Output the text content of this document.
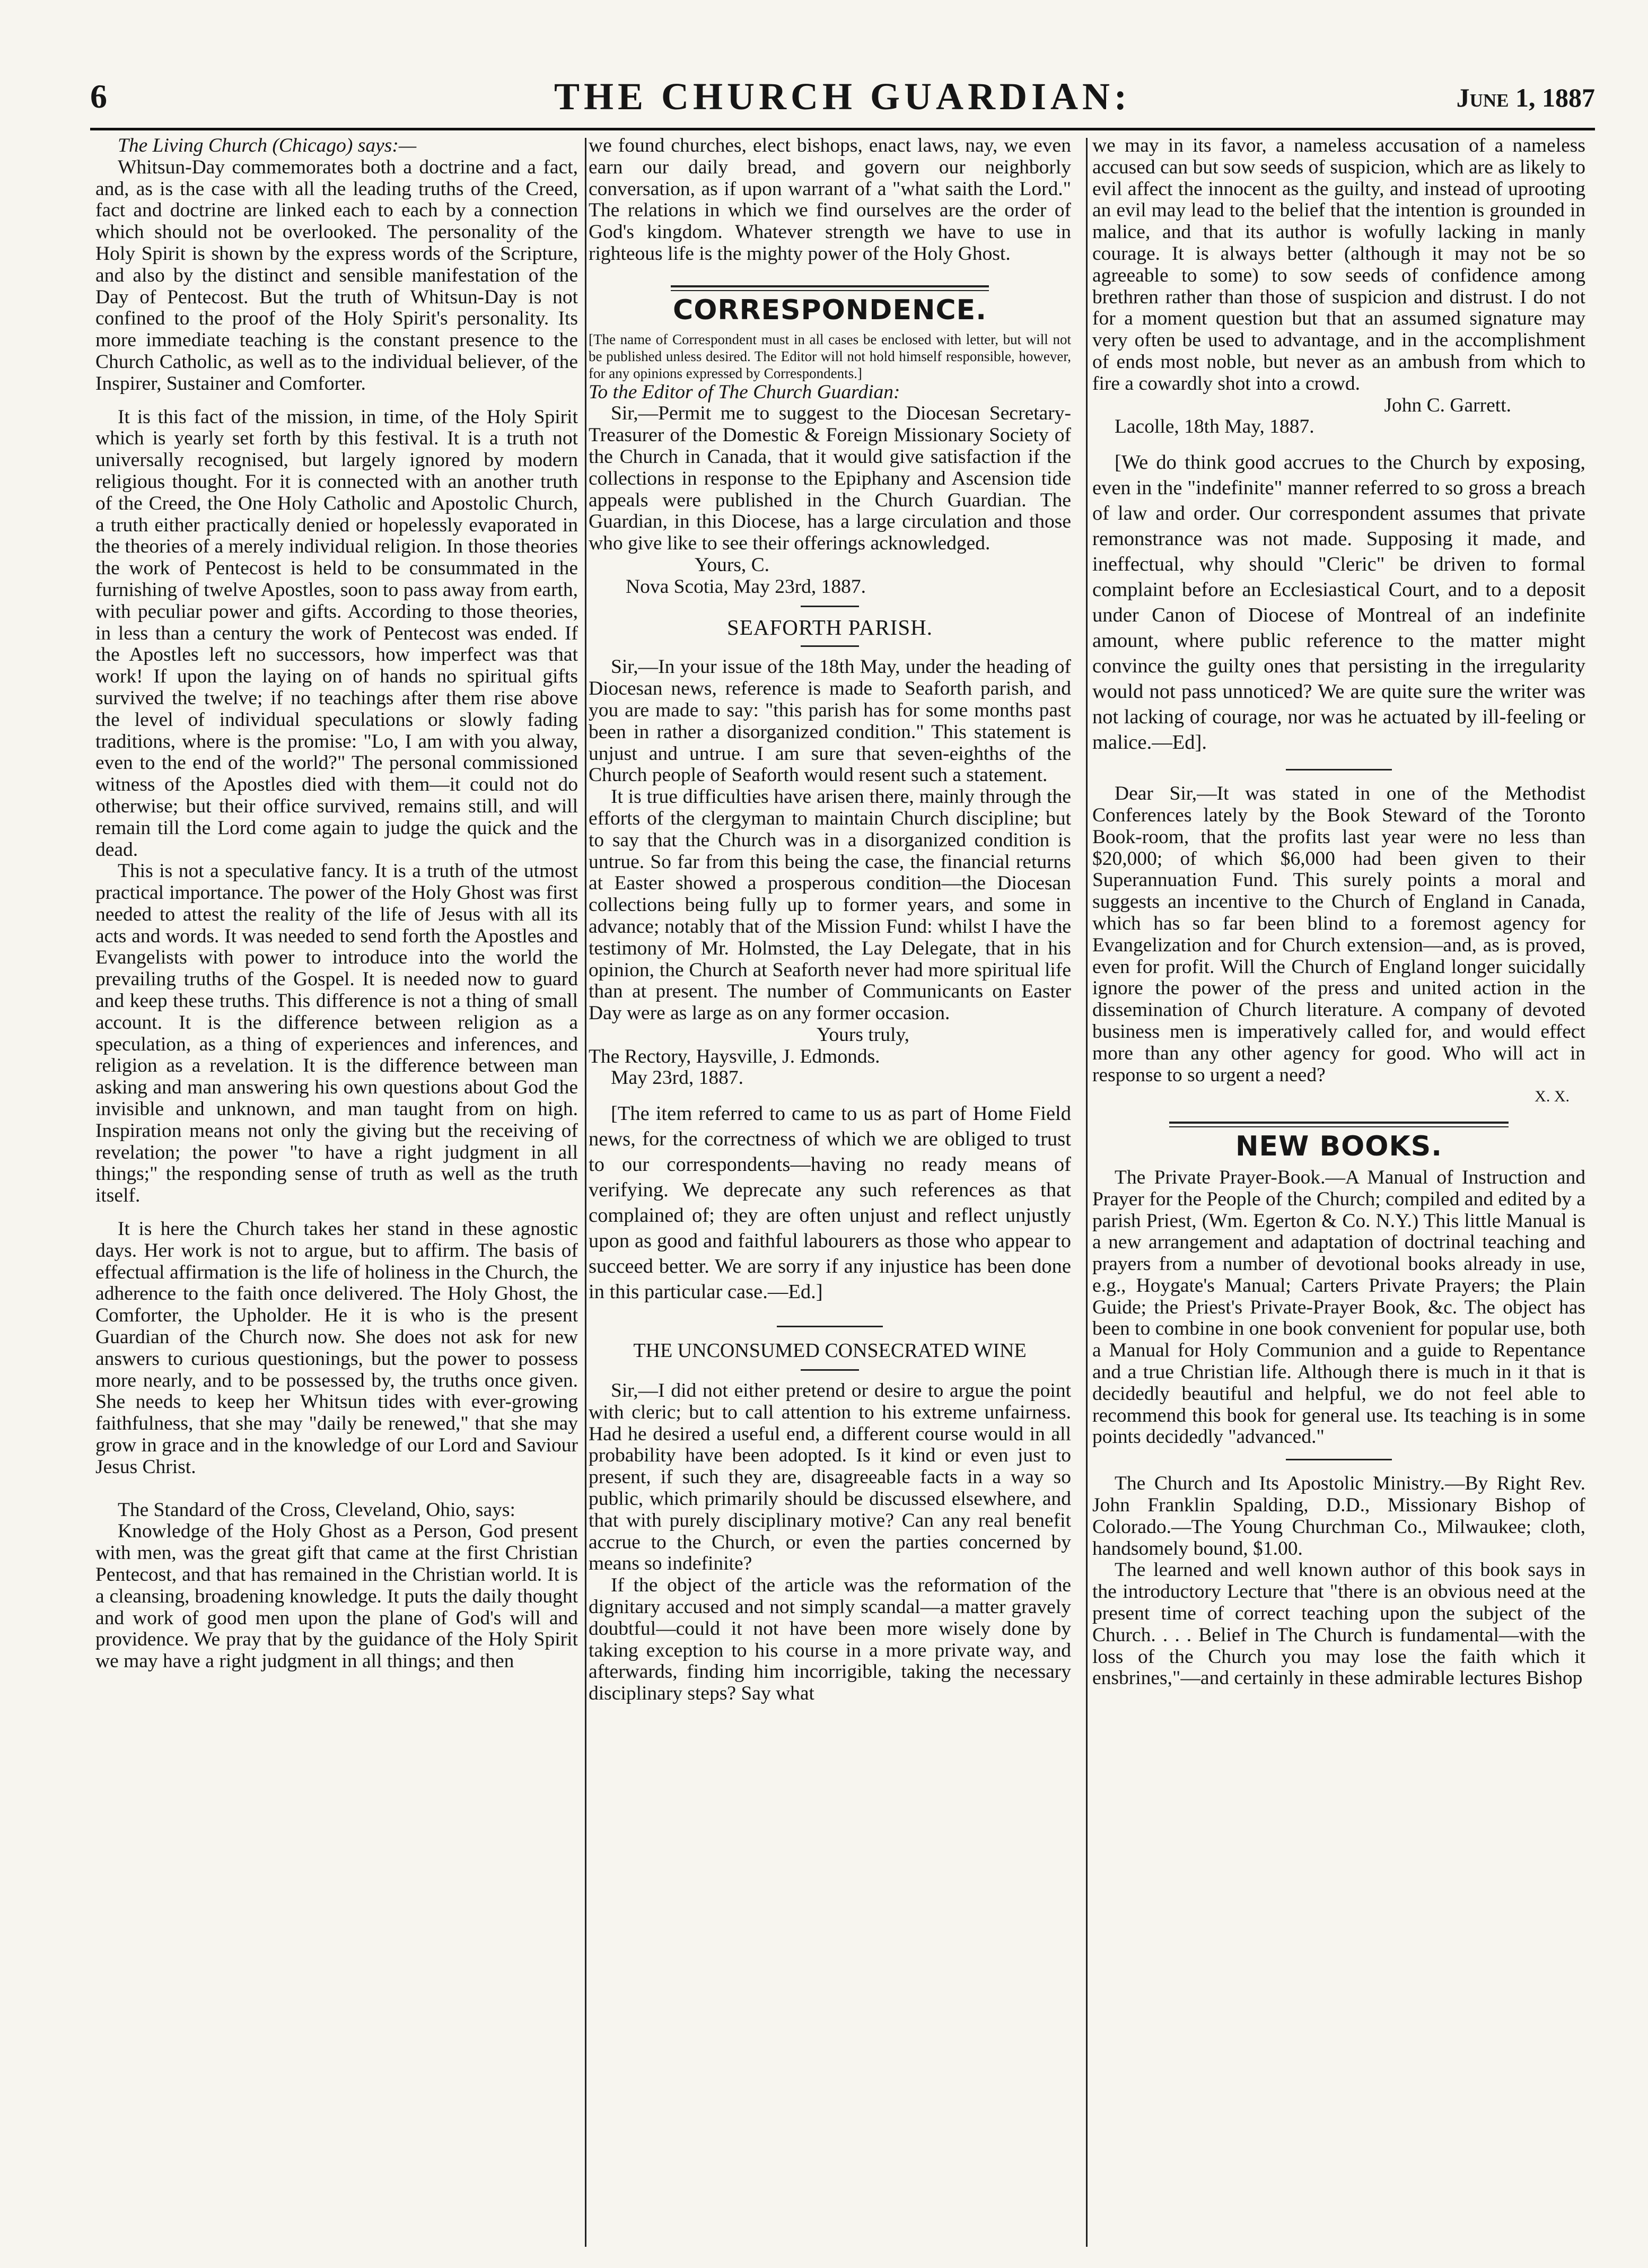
6	THE CHURCH GUARDIAN:	June 1, 1887

The Living Church (Chicago) says:—

Whitsun-Day commemorates both a doctrine and a fact, and, as is the case with all the leading truths of the Creed, fact and doctrine are linked each to each by a connection which should not be overlooked. The personality of the Holy Spirit is shown by the express words of the Scripture, and also by the distinct and sensible manifestation of the Day of Pentecost. But the truth of Whitsun-Day is not confined to the proof of the Holy Spirit's personality. Its more immediate teaching is the constant presence to the Church Catholic, as well as to the individual believer, of the Inspirer, Sustainer and Comforter.

It is this fact of the mission, in time, of the Holy Spirit which is yearly set forth by this festival. It is a truth not universally recognised, but largely ignored by modern religious thought. For it is connected with an another truth of the Creed, the One Holy Catholic and Apostolic Church, a truth either practically denied or hopelessly evaporated in the theories of a merely individual religion. In those theories the work of Pentecost is held to be consummated in the furnishing of twelve Apostles, soon to pass away from earth, with peculiar power and gifts. According to those theories, in less than a century the work of Pentecost was ended. If the Apostles left no successors, how imperfect was that work! If upon the laying on of hands no spiritual gifts survived the twelve; if no teachings after them rise above the level of individual speculations or slowly fading traditions, where is the promise: "Lo, I am with you alway, even to the end of the world?" The personal commissioned witness of the Apostles died with them—it could not do otherwise; but their office survived, remains still, and will remain till the Lord come again to judge the quick and the dead.

This is not a speculative fancy. It is a truth of the utmost practical importance. The power of the Holy Ghost was first needed to attest the reality of the life of Jesus with all its acts and words. It was needed to send forth the Apostles and Evangelists with power to introduce into the world the prevailing truths of the Gospel. It is needed now to guard and keep these truths. This difference is not a thing of small account. It is the difference between religion as a speculation, as a thing of experiences and inferences, and religion as a revelation. It is the difference between man asking and man answering his own questions about God the invisible and unknown, and man taught from on high. Inspiration means not only the giving but the receiving of revelation; the power "to have a right judgment in all things;" the responding sense of truth as well as the truth itself.

It is here the Church takes her stand in these agnostic days. Her work is not to argue, but to affirm. The basis of effectual affirmation is the life of holiness in the Church, the adherence to the faith once delivered. The Holy Ghost, the Comforter, the Upholder. He it is who is the present Guardian of the Church now. She does not ask for new answers to curious questionings, but the power to possess more nearly, and to be possessed by, the truths once given. She needs to keep her Whitsun tides with ever-growing faithfulness, that she may "daily be renewed," that she may grow in grace and in the knowledge of our Lord and Saviour Jesus Christ.

The Standard of the Cross, Cleveland, Ohio, says:

Knowledge of the Holy Ghost as a Person, God present with men, was the great gift that came at the first Christian Pentecost, and that has remained in the Christian world. It is a cleansing, broadening knowledge. It puts the daily thought and work of good men upon the plane of God's will and providence. We pray that by the guidance of the Holy Spirit we may have a right judgment in all things; and then

we found churches, elect bishops, enact laws, nay, we even earn our daily bread, and govern our neighborly conversation, as if upon warrant of a "what saith the Lord." The relations in which we find ourselves are the order of God's kingdom. Whatever strength we have to use in righteous life is the mighty power of the Holy Ghost.

CORRESPONDENCE.

[The name of Correspondent must in all cases be enclosed with letter, but will not be published unless desired. The Editor will not hold himself responsible, however, for any opinions expressed by Correspondents.]

To the Editor of The Church Guardian:

Sir,—Permit me to suggest to the Diocesan Secretary-Treasurer of the Domestic & Foreign Missionary Society of the Church in Canada, that it would give satisfaction if the collections in response to the Epiphany and Ascension tide appeals were published in the Church Guardian. The Guardian, in this Diocese, has a large circulation and those who give like to see their offerings acknowledged.

Yours, C.

Nova Scotia, May 23rd, 1887.

SEAFORTH PARISH.

Sir,—In your issue of the 18th May, under the heading of Diocesan news, reference is made to Seaforth parish, and you are made to say: "this parish has for some months past been in rather a disorganized condition." This statement is unjust and untrue. I am sure that seven-eighths of the Church people of Seaforth would resent such a statement.

It is true difficulties have arisen there, mainly through the efforts of the clergyman to maintain Church discipline; but to say that the Church was in a disorganized condition is untrue. So far from this being the case, the financial returns at Easter showed a prosperous condition—the Diocesan collections being fully up to former years, and some in advance; notably that of the Mission Fund: whilst I have the testimony of Mr. Holmsted, the Lay Delegate, that in his opinion, the Church at Seaforth never had more spiritual life than at present. The number of Communicants on Easter Day were as large as on any former occasion.

Yours truly,

The Rectory, Haysville, J. Edmonds.

May 23rd, 1887.

[The item referred to came to us as part of Home Field news, for the correctness of which we are obliged to trust to our correspondents—having no ready means of verifying. We deprecate any such references as that complained of; they are often unjust and reflect unjustly upon as good and faithful labourers as those who appear to succeed better. We are sorry if any injustice has been done in this particular case.—Ed.]

THE UNCONSUMED CONSECRATED WINE

Sir,—I did not either pretend or desire to argue the point with cleric; but to call attention to his extreme unfairness. Had he desired a useful end, a different course would in all probability have been adopted. Is it kind or even just to present, if such they are, disagreeable facts in a way so public, which primarily should be discussed elsewhere, and that with purely disciplinary motive? Can any real benefit accrue to the Church, or even the parties concerned by means so indefinite?

If the object of the article was the reformation of the dignitary accused and not simply scandal—a matter gravely doubtful—could it not have been more wisely done by taking exception to his course in a more private way, and afterwards, finding him incorrigible, taking the necessary disciplinary steps? Say what

we may in its favor, a nameless accusation of a nameless accused can but sow seeds of suspicion, which are as likely to evil affect the innocent as the guilty, and instead of uprooting an evil may lead to the belief that the intention is grounded in malice, and that its author is wofully lacking in manly courage. It is always better (although it may not be so agreeable to some) to sow seeds of confidence among brethren rather than those of suspicion and distrust. I do not for a moment question but that an assumed signature may very often be used to advantage, and in the accomplishment of ends most noble, but never as an ambush from which to fire a cowardly shot into a crowd.

John C. Garrett.

Lacolle, 18th May, 1887.

[We do think good accrues to the Church by exposing, even in the "indefinite" manner referred to so gross a breach of law and order. Our correspondent assumes that private remonstrance was not made. Supposing it made, and ineffectual, why should "Cleric" be driven to formal complaint before an Ecclesiastical Court, and to a deposit under Canon of Diocese of Montreal of an indefinite amount, where public reference to the matter might convince the guilty ones that persisting in the irregularity would not pass unnoticed? We are quite sure the writer was not lacking of courage, nor was he actuated by ill-feeling or malice.—Ed].

Dear Sir,—It was stated in one of the Methodist Conferences lately by the Book Steward of the Toronto Book-room, that the profits last year were no less than $20,000; of which $6,000 had been given to their Superannuation Fund. This surely points a moral and suggests an incentive to the Church of England in Canada, which has so far been blind to a foremost agency for Evangelization and for Church extension—and, as is proved, even for profit. Will the Church of England longer suicidally ignore the power of the press and united action in the dissemination of Church literature. A company of devoted business men is imperatively called for, and would effect more than any other agency for good. Who will act in response to so urgent a need?

X. X.

NEW BOOKS.

The Private Prayer-Book.—A Manual of Instruction and Prayer for the People of the Church; compiled and edited by a parish Priest, (Wm. Egerton & Co. N.Y.) This little Manual is a new arrangement and adaptation of doctrinal teaching and prayers from a number of devotional books already in use, e.g., Hoygate's Manual; Carters Private Prayers; the Plain Guide; the Priest's Private-Prayer Book, &c. The object has been to combine in one book convenient for popular use, both a Manual for Holy Communion and a guide to Repentance and a true Christian life. Although there is much in it that is decidedly beautiful and helpful, we do not feel able to recommend this book for general use. Its teaching is in some points decidedly "advanced."

The Church and Its Apostolic Ministry.—By Right Rev. John Franklin Spalding, D.D., Missionary Bishop of Colorado.—The Young Churchman Co., Milwaukee; cloth, handsomely bound, $1.00.

The learned and well known author of this book says in the introductory Lecture that "there is an obvious need at the present time of correct teaching upon the subject of the Church. . . . Belief in The Church is fundamental—with the loss of the Church you may lose the faith which it ensbrines,"—and certainly in these admirable lectures Bishop
